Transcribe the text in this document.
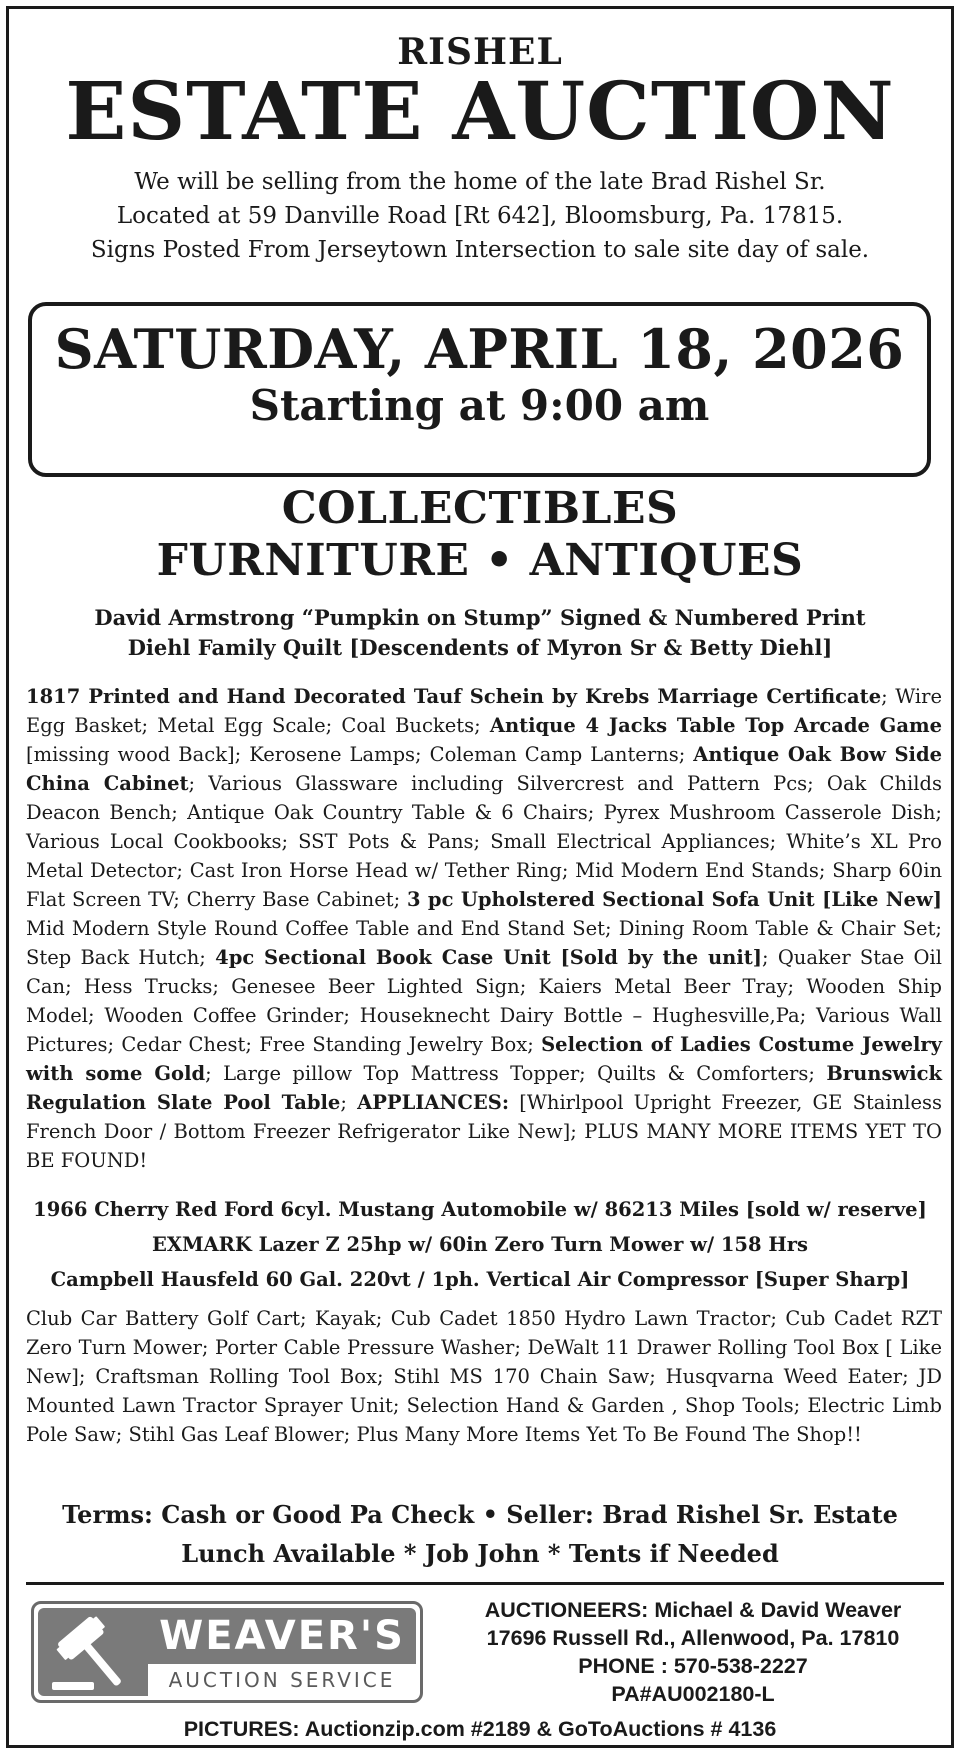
RISHEL
ESTATE AUCTION
We will be selling from the home of the late Brad Rishel Sr.
Located at 59 Danville Road [Rt 642], Bloomsburg, Pa. 17815.
Signs Posted From Jerseytown Intersection to sale site day of sale.
SATURDAY, APRIL 18, 2026
Starting at 9:00 am
COLLECTIBLES
FURNITURE • ANTIQUES
David Armstrong “Pumpkin on Stump” Signed & Numbered Print
Diehl Family Quilt [Descendents of Myron Sr & Betty Diehl]
1817 Printed and Hand Decorated Tauf Schein by Krebs Marriage Certificate; Wire Egg Basket; Metal Egg Scale; Coal Buckets; Antique 4 Jacks Table Top Arcade Game [missing wood Back]; Kerosene Lamps; Coleman Camp Lanterns; Antique Oak Bow Side China Cabinet; Various Glassware including Silvercrest and Pattern Pcs; Oak Childs Deacon Bench; Antique Oak Country Table & 6 Chairs; Pyrex Mushroom Casserole Dish; Various Local Cookbooks; SST Pots & Pans; Small Electrical Appliances; White’s XL Pro Metal Detector; Cast Iron Horse Head w/ Tether Ring; Mid Modern End Stands; Sharp 60in Flat Screen TV; Cherry Base Cabinet; 3 pc Upholstered Sectional Sofa Unit [Like New] Mid Modern Style Round Coffee Table and End Stand Set; Dining Room Table & Chair Set; Step Back Hutch; 4pc Sectional Book Case Unit [Sold by the unit]; Quaker Stae Oil Can; Hess Trucks; Genesee Beer Lighted Sign; Kaiers Metal Beer Tray; Wooden Ship Model; Wooden Coffee Grinder; Houseknecht Dairy Bottle – Hughesville,Pa; Various Wall Pictures; Cedar Chest; Free Standing Jewelry Box; Selection of Ladies Costume Jewelry with some Gold; Large pillow Top Mattress Topper; Quilts & Comforters; Brunswick Regulation Slate Pool Table; APPLIANCES: [Whirlpool Upright Freezer, GE Stainless French Door / Bottom Freezer Refrigerator Like New]; PLUS MANY MORE ITEMS YET TO BE FOUND!
1966 Cherry Red Ford 6cyl. Mustang Automobile w/ 86213 Miles [sold w/ reserve]
EXMARK Lazer Z 25hp w/ 60in Zero Turn Mower w/ 158 Hrs
Campbell Hausfeld 60 Gal. 220vt / 1ph. Vertical Air Compressor [Super Sharp]
Club Car Battery Golf Cart; Kayak; Cub Cadet 1850 Hydro Lawn Tractor; Cub Cadet RZT Zero Turn Mower; Porter Cable Pressure Washer; DeWalt 11 Drawer Rolling Tool Box [ Like New]; Craftsman Rolling Tool Box; Stihl MS 170 Chain Saw; Husqvarna Weed Eater; JD Mounted Lawn Tractor Sprayer Unit; Selection Hand & Garden , Shop Tools; Electric Limb Pole Saw; Stihl Gas Leaf Blower; Plus Many More Items Yet To Be Found The Shop!!
Terms: Cash or Good Pa Check • Seller: Brad Rishel Sr. Estate
Lunch Available * Job John * Tents if Needed
WEAVER'S
AUCTION SERVICE
AUCTIONEERS: Michael & David Weaver
17696 Russell Rd., Allenwood, Pa. 17810
PHONE : 570-538-2227
PA#AU002180-L
PICTURES: Auctionzip.com #2189 & GoToAuctions # 4136
